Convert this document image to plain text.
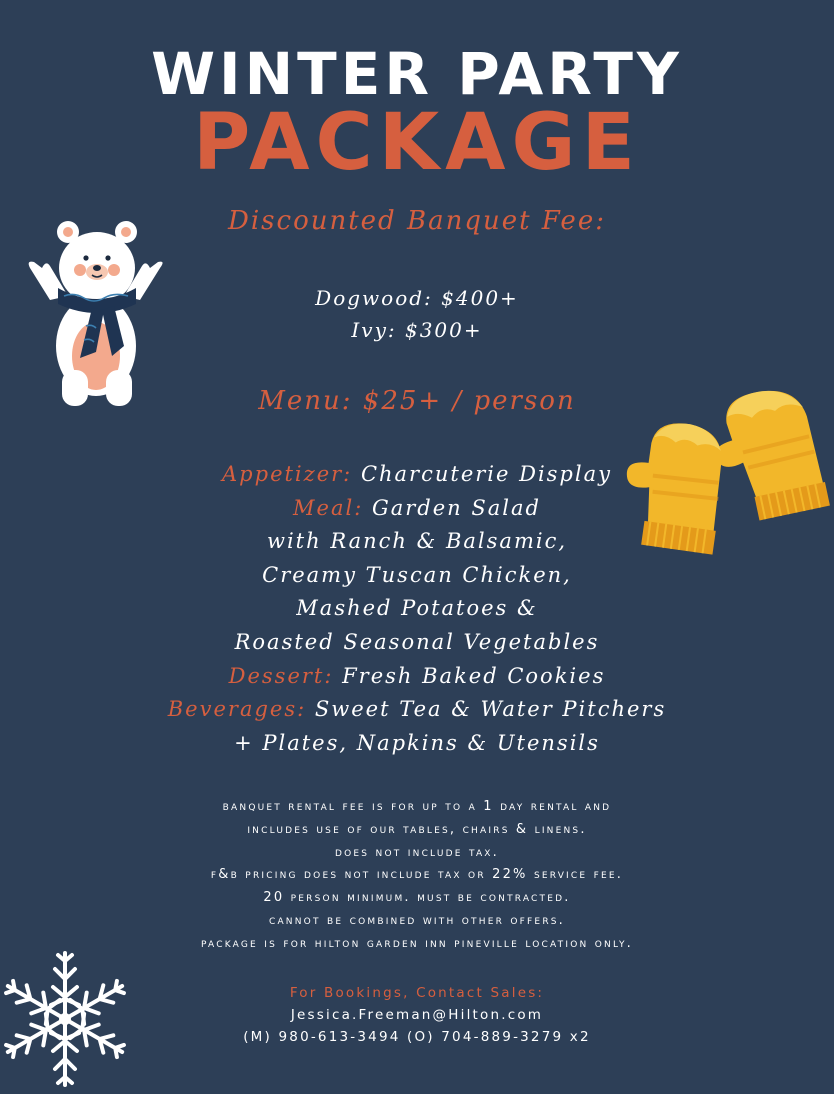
WINTER PARTY
PACKAGE
Discounted Banquet Fee:
Dogwood: $400+
Ivy: $300+
Menu: $25+ / person
Appetizer: Charcuterie Display
Meal: Garden Salad
with Ranch & Balsamic,
Creamy Tuscan Chicken,
Mashed Potatoes &
Roasted Seasonal Vegetables
Dessert: Fresh Baked Cookies
Beverages: Sweet Tea & Water Pitchers
+ Plates, Napkins & Utensils
banquet rental fee is for up to a 1 day rental and
includes use of our tables, chairs & linens.
does not include tax.
f&b pricing does not include tax or 22% service fee.
20 person minimum. must be contracted.
cannot be combined with other offers.
package is for hilton garden inn pineville location only.
For Bookings, Contact Sales:
Jessica.Freeman@Hilton.com
(M) 980-613-3494 (O) 704-889-3279 x2
